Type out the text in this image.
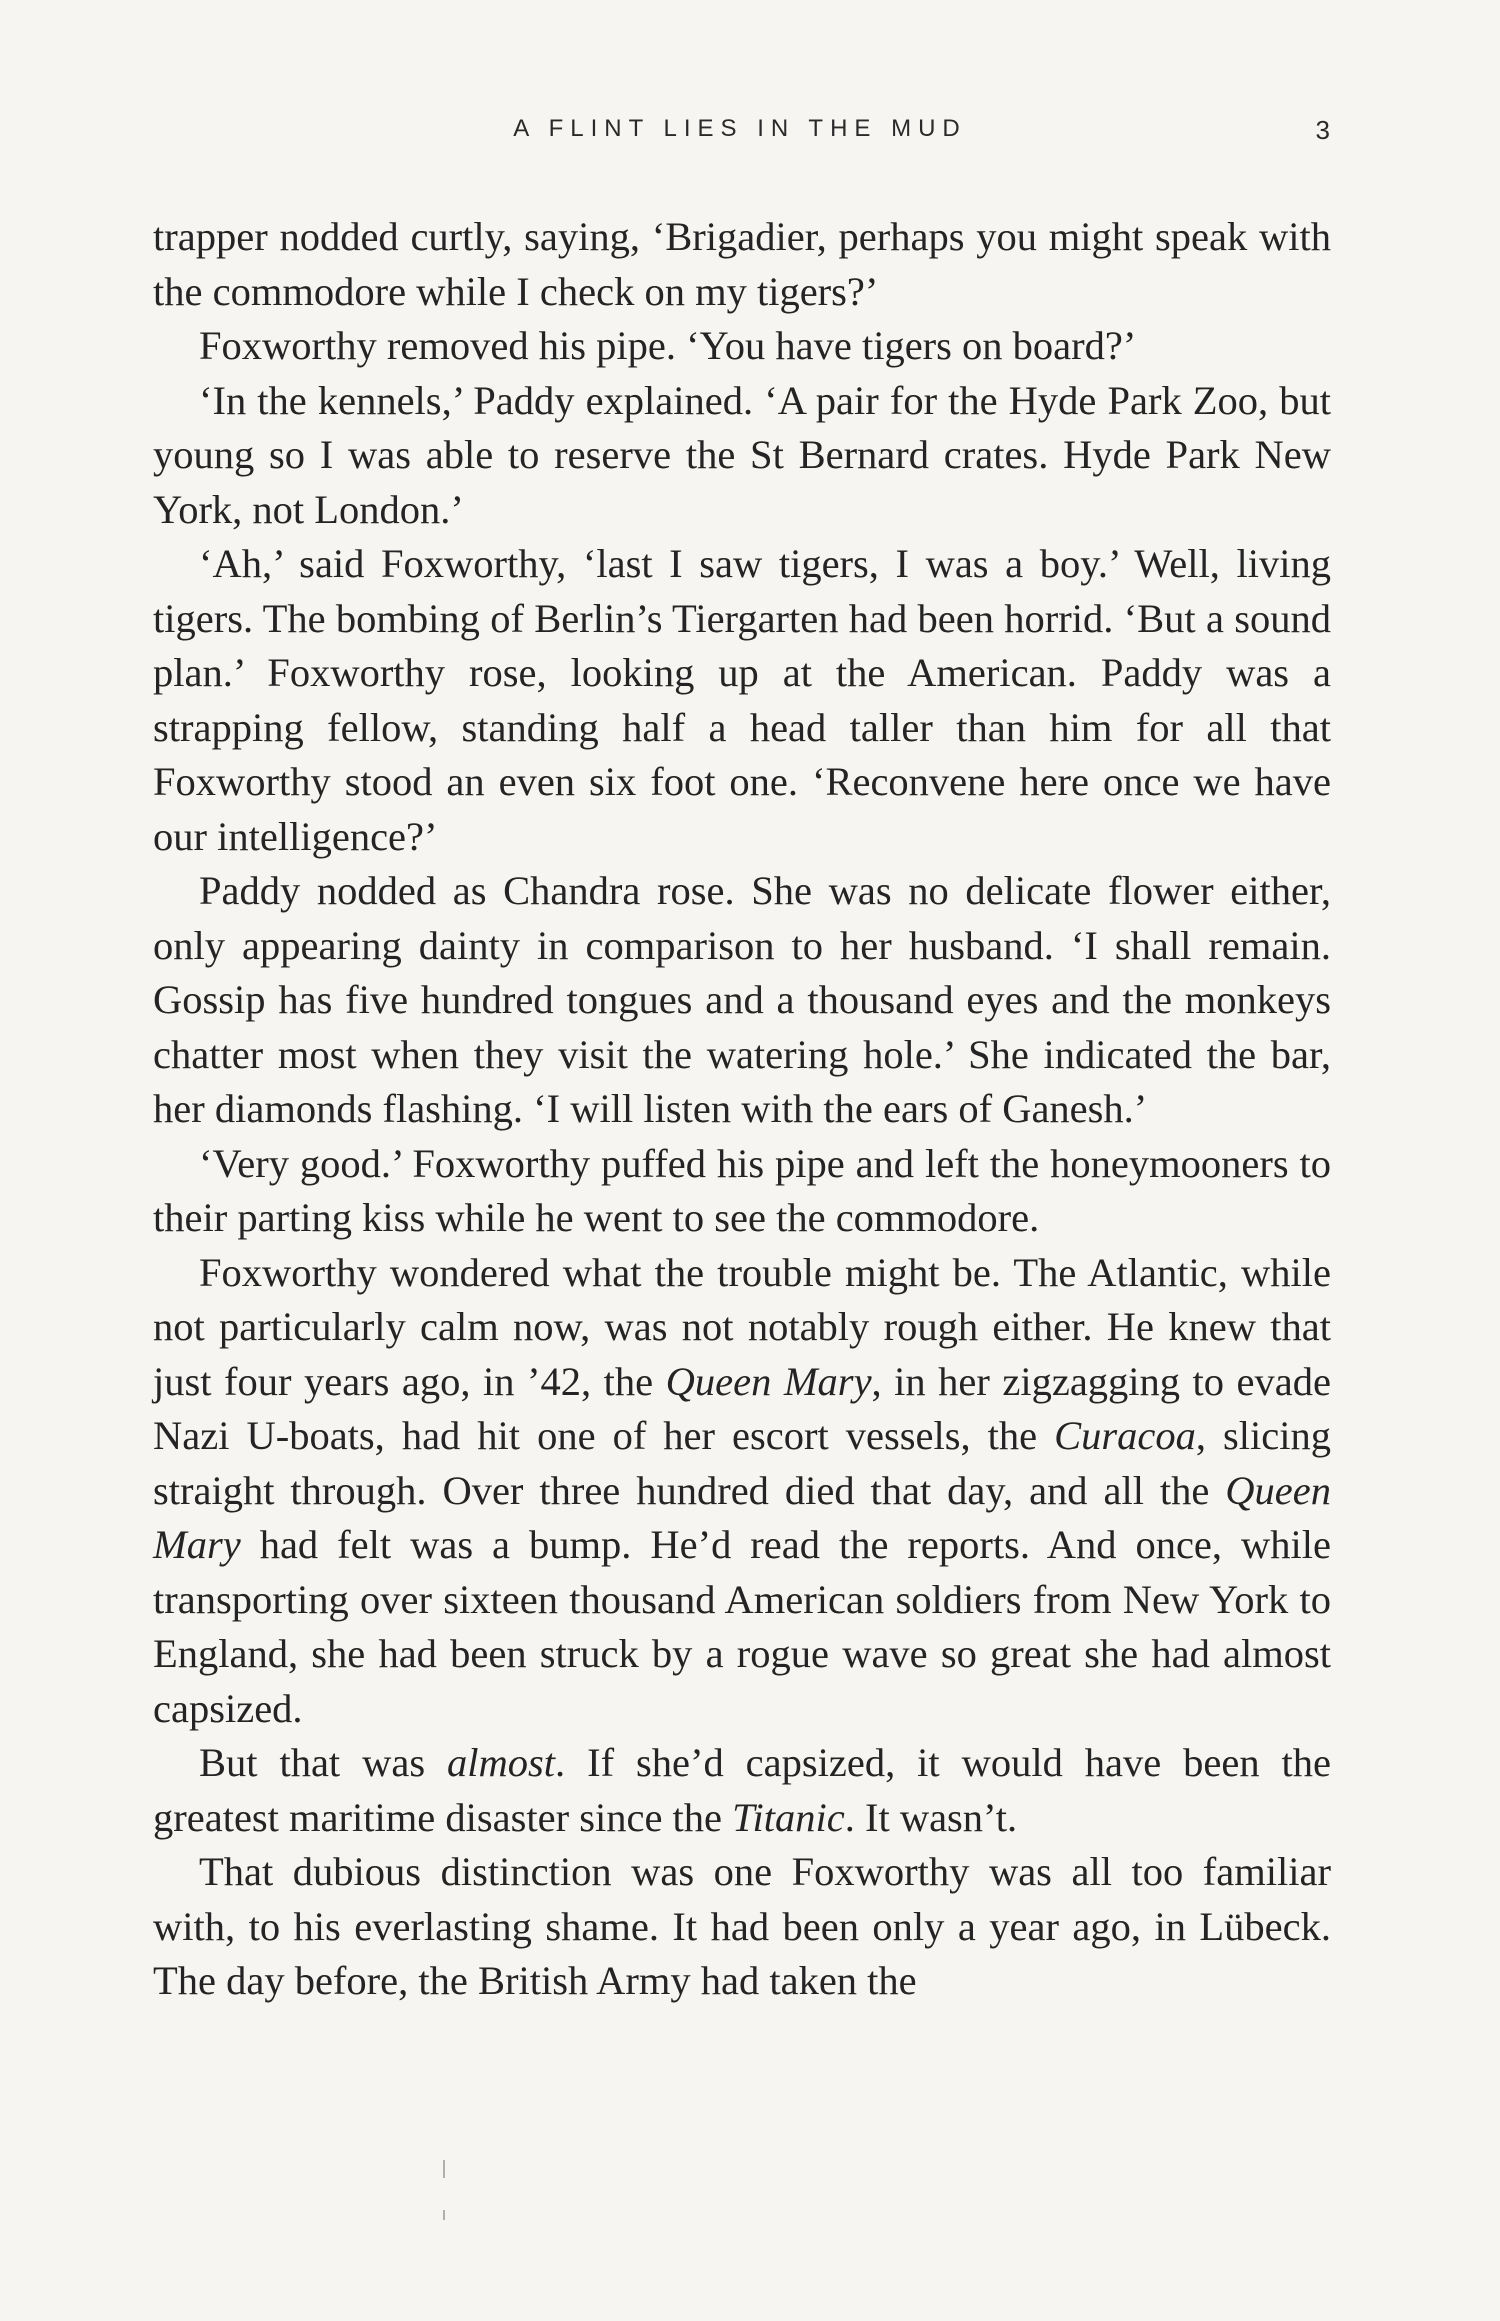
A FLINT LIES IN THE MUD	3

trapper nodded curtly, saying, ‘Brigadier, perhaps you might speak with the commodore while I check on my tigers?’

Foxworthy removed his pipe. ‘You have tigers on board?’

‘In the kennels,’ Paddy explained. ‘A pair for the Hyde Park Zoo, but young so I was able to reserve the St Bernard crates. Hyde Park New York, not London.’

‘Ah,’ said Foxworthy, ‘last I saw tigers, I was a boy.’ Well, living tigers. The bombing of Berlin’s Tiergarten had been horrid. ‘But a sound plan.’ Foxworthy rose, looking up at the American. Paddy was a strapping fellow, standing half a head taller than him for all that Foxworthy stood an even six foot one. ‘Reconvene here once we have our intelligence?’

Paddy nodded as Chandra rose. She was no delicate flower either, only appearing dainty in comparison to her husband. ‘I shall remain. Gossip has five hundred tongues and a thousand eyes and the monkeys chatter most when they visit the watering hole.’ She indicated the bar, her diamonds flashing. ‘I will listen with the ears of Ganesh.’

‘Very good.’ Foxworthy puffed his pipe and left the honeymooners to their parting kiss while he went to see the commodore.

Foxworthy wondered what the trouble might be. The Atlantic, while not particularly calm now, was not notably rough either. He knew that just four years ago, in ’42, the Queen Mary, in her zigzagging to evade Nazi U-boats, had hit one of her escort vessels, the Curacoa, slicing straight through. Over three hundred died that day, and all the Queen Mary had felt was a bump. He’d read the reports. And once, while transporting over sixteen thousand American soldiers from New York to England, she had been struck by a rogue wave so great she had almost capsized.

But that was almost. If she’d capsized, it would have been the greatest maritime disaster since the Titanic. It wasn’t.

That dubious distinction was one Foxworthy was all too familiar with, to his everlasting shame. It had been only a year ago, in Lübeck. The day before, the British Army had taken the
